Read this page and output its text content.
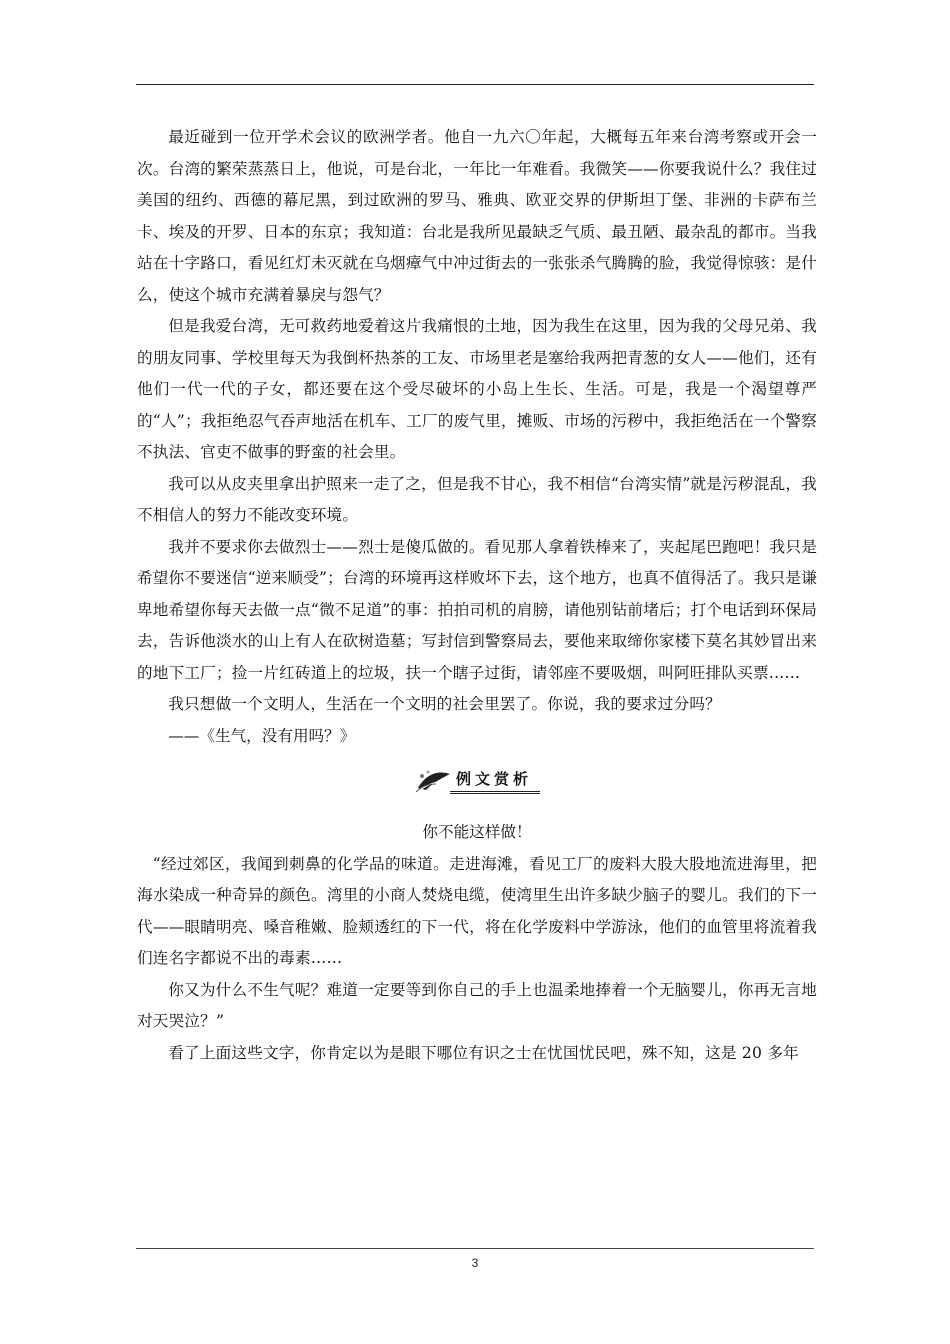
最近碰到一位开学术会议的欧洲学者。他自一九六〇年起，大概每五年来台湾考察或开会一次。台湾的繁荣蒸蒸日上，他说，可是台北，一年比一年难看。我微笑——你要我说什么？我住过美国的纽约、西德的幕尼黑，到过欧洲的罗马、雅典、欧亚交界的伊斯坦丁堡、非洲的卡萨布兰卡、埃及的开罗、日本的东京；我知道：台北是我所见最缺乏气质、最丑陋、最杂乱的都市。当我站在十字路口，看见红灯未灭就在乌烟瘴气中冲过街去的一张张杀气腾腾的脸，我觉得惊骇：是什么，使这个城市充满着暴戾与怨气？

但是我爱台湾，无可救药地爱着这片我痛恨的土地，因为我生在这里，因为我的父母兄弟、我的朋友同事、学校里每天为我倒杯热茶的工友、市场里老是塞给我两把青葱的女人——他们，还有他们一代一代的子女，都还要在这个受尽破坏的小岛上生长、生活。可是，我是一个渴望尊严的“人”；我拒绝忍气吞声地活在机车、工厂的废气里，摊贩、市场的污秽中，我拒绝活在一个警察不执法、官吏不做事的野蛮的社会里。

我可以从皮夹里拿出护照来一走了之，但是我不甘心，我不相信“台湾实情”就是污秽混乱，我不相信人的努力不能改变环境。

我并不要求你去做烈士——烈士是傻瓜做的。看见那人拿着铁棒来了，夹起尾巴跑吧！我只是希望你不要迷信“逆来顺受”；台湾的环境再这样败坏下去，这个地方，也真不值得活了。我只是谦卑地希望你每天去做一点“微不足道”的事：拍拍司机的肩膀，请他别钻前堵后；打个电话到环保局去，告诉他淡水的山上有人在砍树造墓；写封信到警察局去，要他来取缔你家楼下莫名其妙冒出来的地下工厂；捡一片红砖道上的垃圾，扶一个瞎子过街，请邻座不要吸烟，叫阿旺排队买票……

我只想做一个文明人，生活在一个文明的社会里罢了。你说，我的要求过分吗？

——《生气，没有用吗？》

例文赏析

你不能这样做！

“经过郊区，我闻到刺鼻的化学品的味道。走进海滩，看见工厂的废料大股大股地流进海里，把海水染成一种奇异的颜色。湾里的小商人焚烧电缆，使湾里生出许多缺少脑子的婴儿。我们的下一代——眼睛明亮、嗓音稚嫩、脸颊透红的下一代，将在化学废料中学游泳，他们的血管里将流着我们连名字都说不出的毒素……

你又为什么不生气呢？难道一定要等到你自己的手上也温柔地捧着一个无脑婴儿，你再无言地对天哭泣？”

看了上面这些文字，你肯定以为是眼下哪位有识之士在忧国忧民吧，殊不知，这是 20 多年

3
